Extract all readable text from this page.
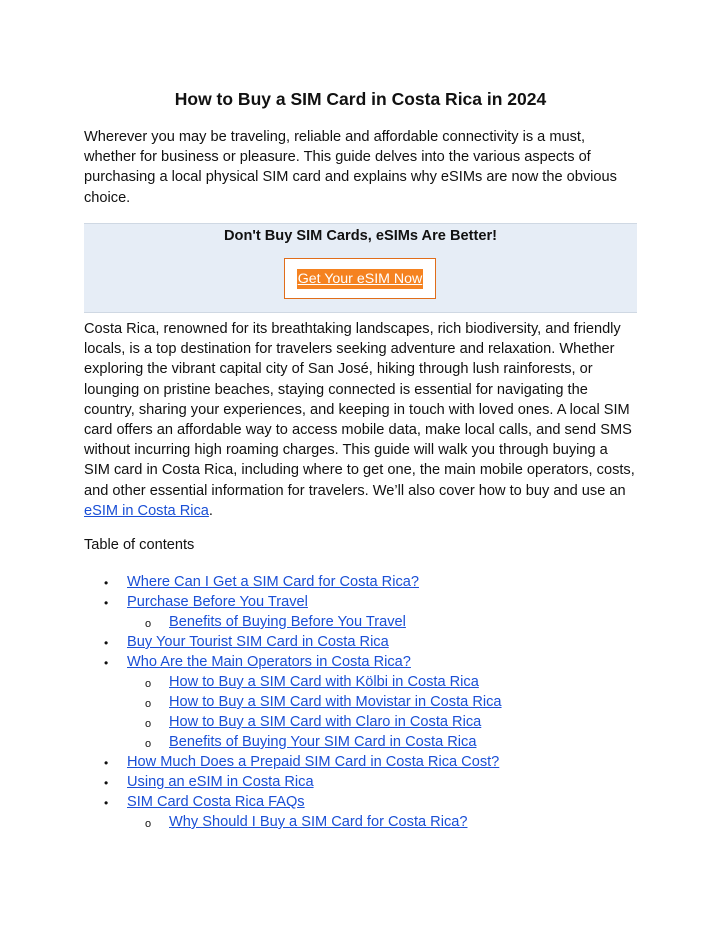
How to Buy a SIM Card in Costa Rica in 2024

Wherever you may be traveling, reliable and affordable connectivity is a must, whether for business or pleasure. This guide delves into the various aspects of purchasing a local physical SIM card and explains why eSIMs are now the obvious choice.

Don't Buy SIM Cards, eSIMs Are Better!
Get Your eSIM Now

Costa Rica, renowned for its breathtaking landscapes, rich biodiversity, and friendly locals, is a top destination for travelers seeking adventure and relaxation. Whether exploring the vibrant capital city of San José, hiking through lush rainforests, or lounging on pristine beaches, staying connected is essential for navigating the country, sharing your experiences, and keeping in touch with loved ones. A local SIM card offers an affordable way to access mobile data, make local calls, and send SMS without incurring high roaming charges. This guide will walk you through buying a SIM card in Costa Rica, including where to get one, the main mobile operators, costs, and other essential information for travelers. We’ll also cover how to buy and use an eSIM in Costa Rica.

Table of contents
• Where Can I Get a SIM Card for Costa Rica?
• Purchase Before You Travel
o Benefits of Buying Before You Travel
• Buy Your Tourist SIM Card in Costa Rica
• Who Are the Main Operators in Costa Rica?
o How to Buy a SIM Card with Kölbi in Costa Rica
o How to Buy a SIM Card with Movistar in Costa Rica
o How to Buy a SIM Card with Claro in Costa Rica
o Benefits of Buying Your SIM Card in Costa Rica
• How Much Does a Prepaid SIM Card in Costa Rica Cost?
• Using an eSIM in Costa Rica
• SIM Card Costa Rica FAQs
o Why Should I Buy a SIM Card for Costa Rica?
